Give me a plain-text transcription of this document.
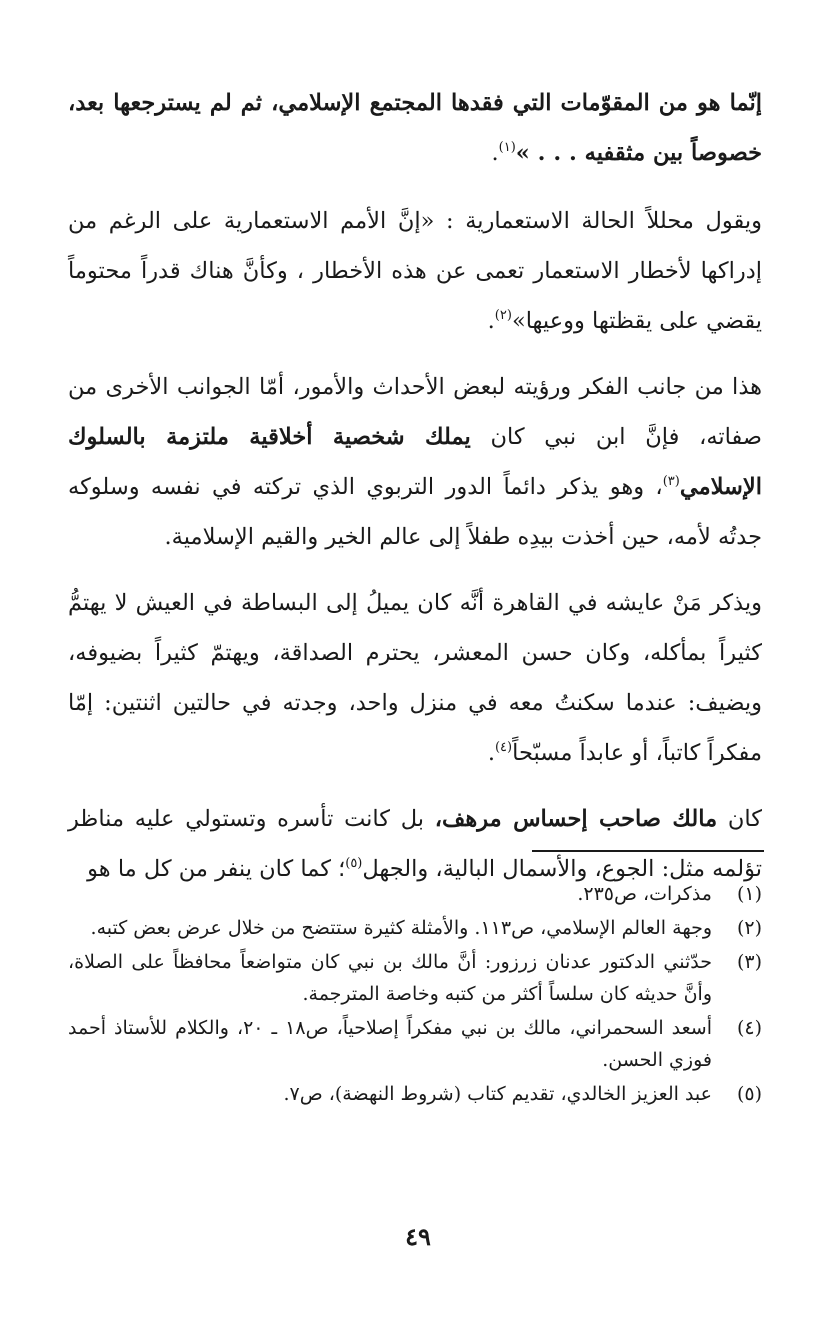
إنّما هو من المقوّمات التي فقدها المجتمع الإسلامي، ثم لم يسترجعها بعد، خصوصاً بين مثقفيه . . . »$^{(١)}$.

ويقول محللاً الحالة الاستعمارية : «إنَّ الأمم الاستعمارية على الرغم من إدراكها لأخطار الاستعمار تعمى عن هذه الأخطار ، وكأنَّ هناك قدراً محتوماً يقضي على يقظتها ووعيها»$^{(٢)}$.

هذا من جانب الفكر ورؤيته لبعض الأحداث والأمور، أمّا الجوانب الأخرى من صفاته، فإنَّ ابن نبي كان يملك شخصية أخلاقية ملتزمة بالسلوك الإسلامي$^{(٣)}$، وهو يذكر دائماً الدور التربوي الذي تركته في نفسه وسلوكه جدتُه لأمه، حين أخذت بيدِه طفلاً إلى عالم الخير والقيم الإسلامية.

ويذكر مَنْ عايشه في القاهرة أنَّه كان يميلُ إلى البساطة في العيش لا يهتمُّ كثيراً بمأكله، وكان حسن المعشر، يحترم الصداقة، ويهتمّ كثيراً بضيوفه، ويضيف: عندما سكنتُ معه في منزل واحد، وجدته في حالتين اثنتين: إمّا مفكراً كاتباً، أو عابداً مسبّحاً$^{(٤)}$.

كان مالك صاحب إحساس مرهف، بل كانت تأسره وتستولي عليه مناظر تؤلمه مثل: الجوع، والأسمال البالية، والجهل$^{(٥)}$؛ كما كان ينفر من كل ما هو

(١)
مذكرات، ص٢٣٥.
(٢)
وجهة العالم الإسلامي، ص١١٣. والأمثلة كثيرة ستتضح من خلال عرض بعض كتبه.
(٣)
حدّثني الدكتور عدنان زرزور: أنَّ مالك بن نبي كان متواضعاً محافظاً على الصلاة، وأنَّ حديثه كان سلساً أكثر من كتبه وخاصة المترجمة.
(٤)
أسعد السحمراني، مالك بن نبي مفكراً إصلاحياً، ص١٨ ـ ٢٠، والكلام للأستاذ أحمد فوزي الحسن.
(٥)
عبد العزيز الخالدي، تقديم كتاب (شروط النهضة)، ص٧.
٤٩
